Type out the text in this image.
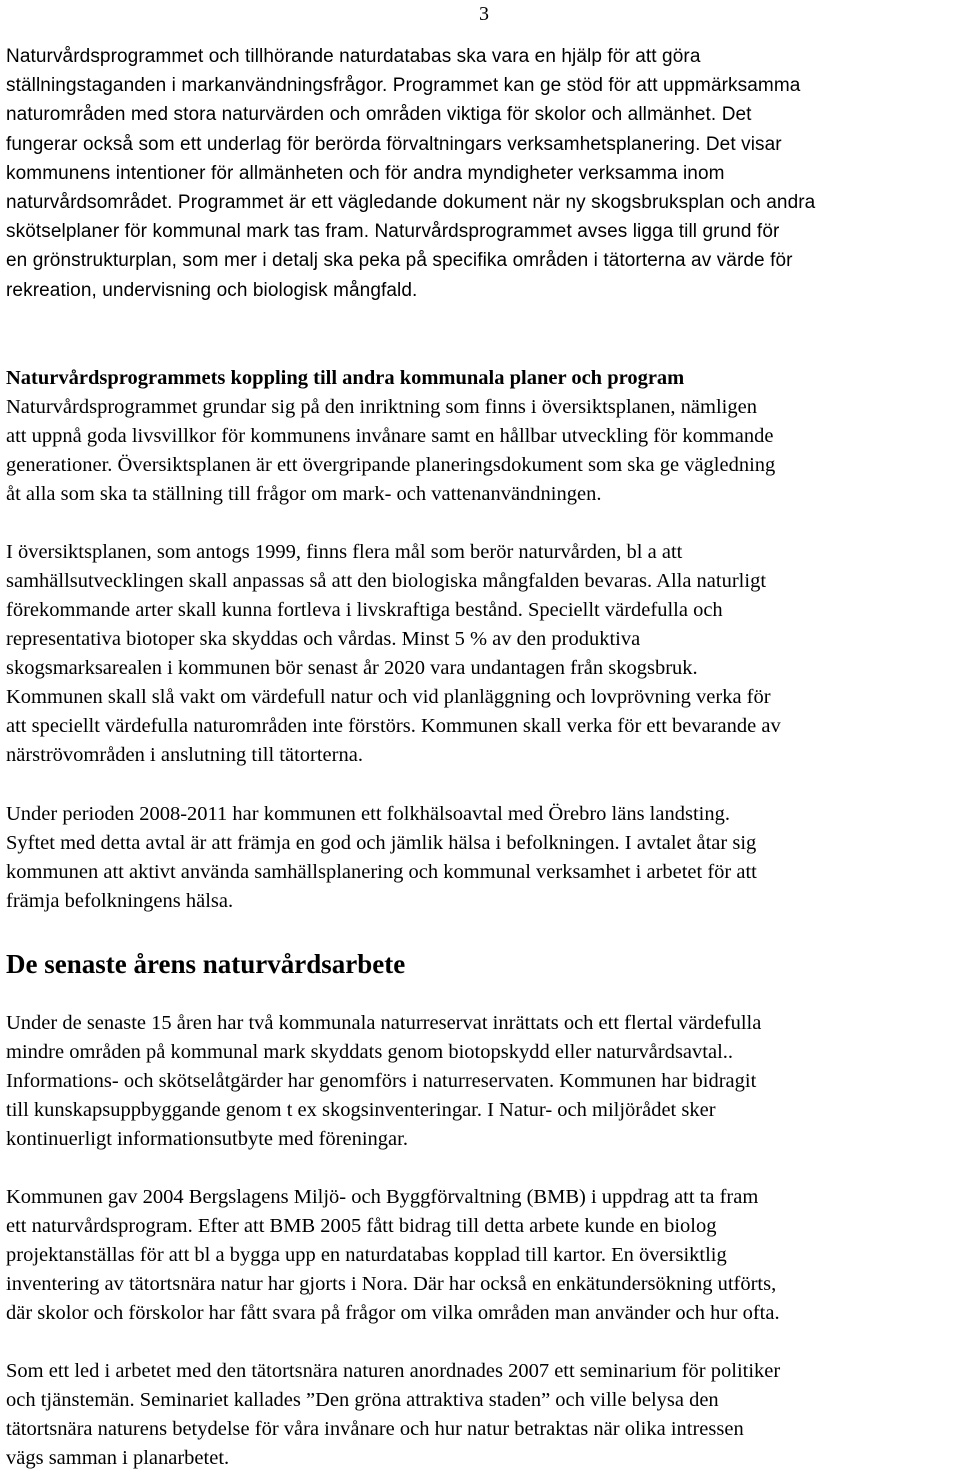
3
Naturvårdsprogrammet och tillhörande naturdatabas ska vara en hjälp för att göra
ställningstaganden i markanvändningsfrågor. Programmet kan ge stöd för att uppmärksamma
naturområden med stora naturvärden och områden viktiga för skolor och allmänhet. Det
fungerar också som ett underlag för berörda förvaltningars verksamhetsplanering. Det visar
kommunens intentioner för allmänheten och för andra myndigheter verksamma inom
naturvårdsområdet. Programmet är ett vägledande dokument när ny skogsbruksplan och andra
skötselplaner för kommunal mark tas fram. Naturvårdsprogrammet avses ligga till grund för
en grönstrukturplan, som mer i detalj ska peka på specifika områden i tätorterna av värde för
rekreation, undervisning och biologisk mångfald.
Naturvårdsprogrammets koppling till andra kommunala planer och program
Naturvårdsprogrammet grundar sig på den inriktning som finns i översiktsplanen, nämligen
att uppnå goda livsvillkor för kommunens invånare samt en hållbar utveckling för kommande
generationer. Översiktsplanen är ett övergripande planeringsdokument som ska ge vägledning
åt alla som ska ta ställning till frågor om mark- och vattenanvändningen.
I översiktsplanen, som antogs 1999, finns flera mål som berör naturvården, bl a att
samhällsutvecklingen skall anpassas så att den biologiska mångfalden bevaras. Alla naturligt
förekommande arter skall kunna fortleva i livskraftiga bestånd. Speciellt värdefulla och
representativa biotoper ska skyddas och vårdas. Minst 5 % av den produktiva
skogsmarksarealen i kommunen bör senast år 2020 vara undantagen från skogsbruk.
Kommunen skall slå vakt om värdefull natur och vid planläggning och lovprövning verka för
att speciellt värdefulla naturområden inte förstörs. Kommunen skall verka för ett bevarande av
närströvområden i anslutning till tätorterna.
Under perioden 2008-2011 har kommunen ett folkhälsoavtal med Örebro läns landsting.
Syftet med detta avtal är att främja en god och jämlik hälsa i befolkningen. I avtalet åtar sig
kommunen att aktivt använda samhällsplanering och kommunal verksamhet i arbetet för att
främja befolkningens hälsa.
De senaste årens naturvårdsarbete
Under de senaste 15 åren har två kommunala naturreservat inrättats och ett flertal värdefulla
mindre områden på kommunal mark skyddats genom biotopskydd eller naturvårdsavtal..
Informations- och skötselåtgärder har genomförs i naturreservaten. Kommunen har bidragit
till kunskapsuppbyggande genom t ex skogsinventeringar. I Natur- och miljörådet sker
kontinuerligt informationsutbyte med föreningar.
Kommunen gav 2004 Bergslagens Miljö- och Byggförvaltning (BMB) i uppdrag att ta fram
ett naturvårdsprogram. Efter att BMB 2005 fått bidrag till detta arbete kunde en biolog
projektanställas för att bl a bygga upp en naturdatabas kopplad till kartor. En översiktlig
inventering av tätortsnära natur har gjorts i Nora. Där har också en enkätundersökning utförts,
där skolor och förskolor har fått svara på frågor om vilka områden man använder och hur ofta.
Som ett led i arbetet med den tätortsnära naturen anordnades 2007 ett seminarium för politiker
och tjänstemän. Seminariet kallades ”Den gröna attraktiva staden” och ville belysa den
tätortsnära naturens betydelse för våra invånare och hur natur betraktas när olika intressen
vägs samman i planarbetet.
